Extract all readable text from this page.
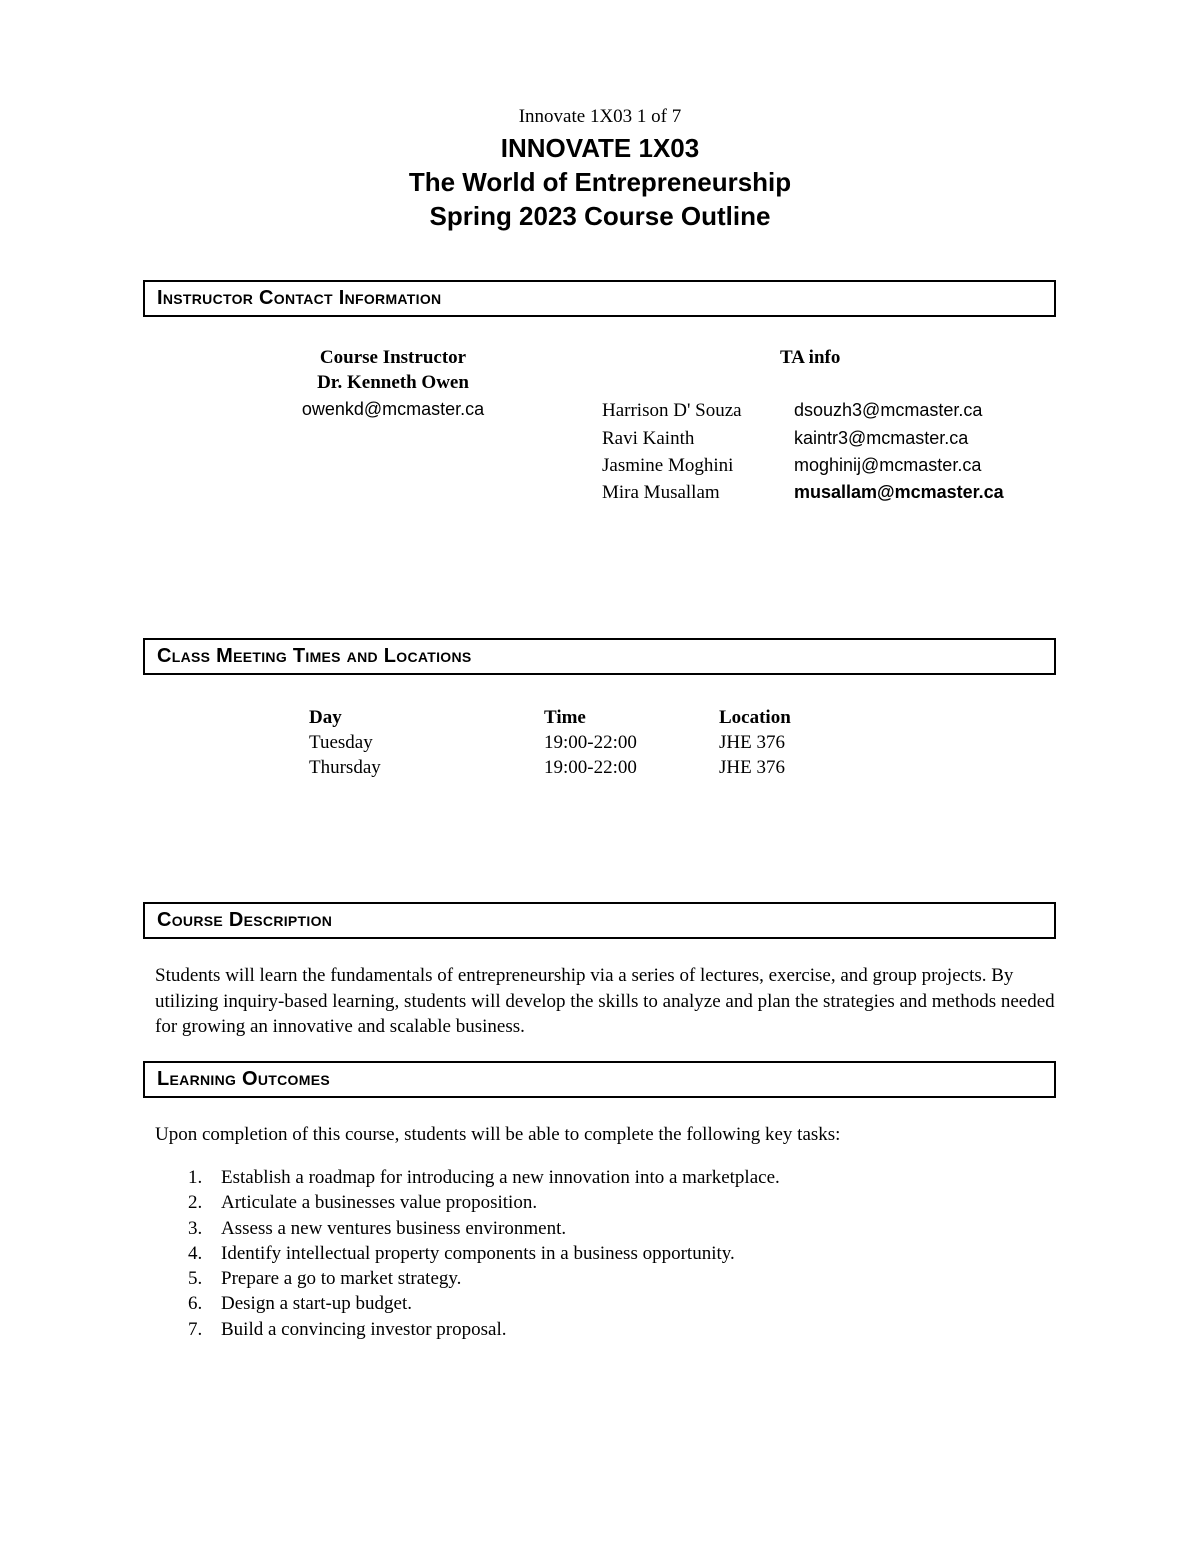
Innovate 1X03 1 of 7
INNOVATE 1X03
The World of Entrepreneurship
Spring 2023 Course Outline
Instructor Contact Information
Course Instructor
Dr. Kenneth Owen
owenkd@mcmaster.ca
TA info
Harrison D' Souza	dsouzh3@mcmaster.ca
Ravi Kainth	kaintr3@mcmaster.ca
Jasmine Moghini	moghinij@mcmaster.ca
Mira Musallam	musallam@mcmaster.ca
Class Meeting Times and Locations
Day	Time	Location
Tuesday	19:00-22:00	JHE 376
Thursday	19:00-22:00	JHE 376
Course Description
Students will learn the fundamentals of entrepreneurship via a series of lectures, exercise, and group projects. By utilizing inquiry-based learning, students will develop the skills to analyze and plan the strategies and methods needed for growing an innovative and scalable business.
Learning Outcomes
Upon completion of this course, students will be able to complete the following key tasks:
1. Establish a roadmap for introducing a new innovation into a marketplace.
2. Articulate a businesses value proposition.
3. Assess a new ventures business environment.
4. Identify intellectual property components in a business opportunity.
5. Prepare a go to market strategy.
6. Design a start-up budget.
7. Build a convincing investor proposal.
